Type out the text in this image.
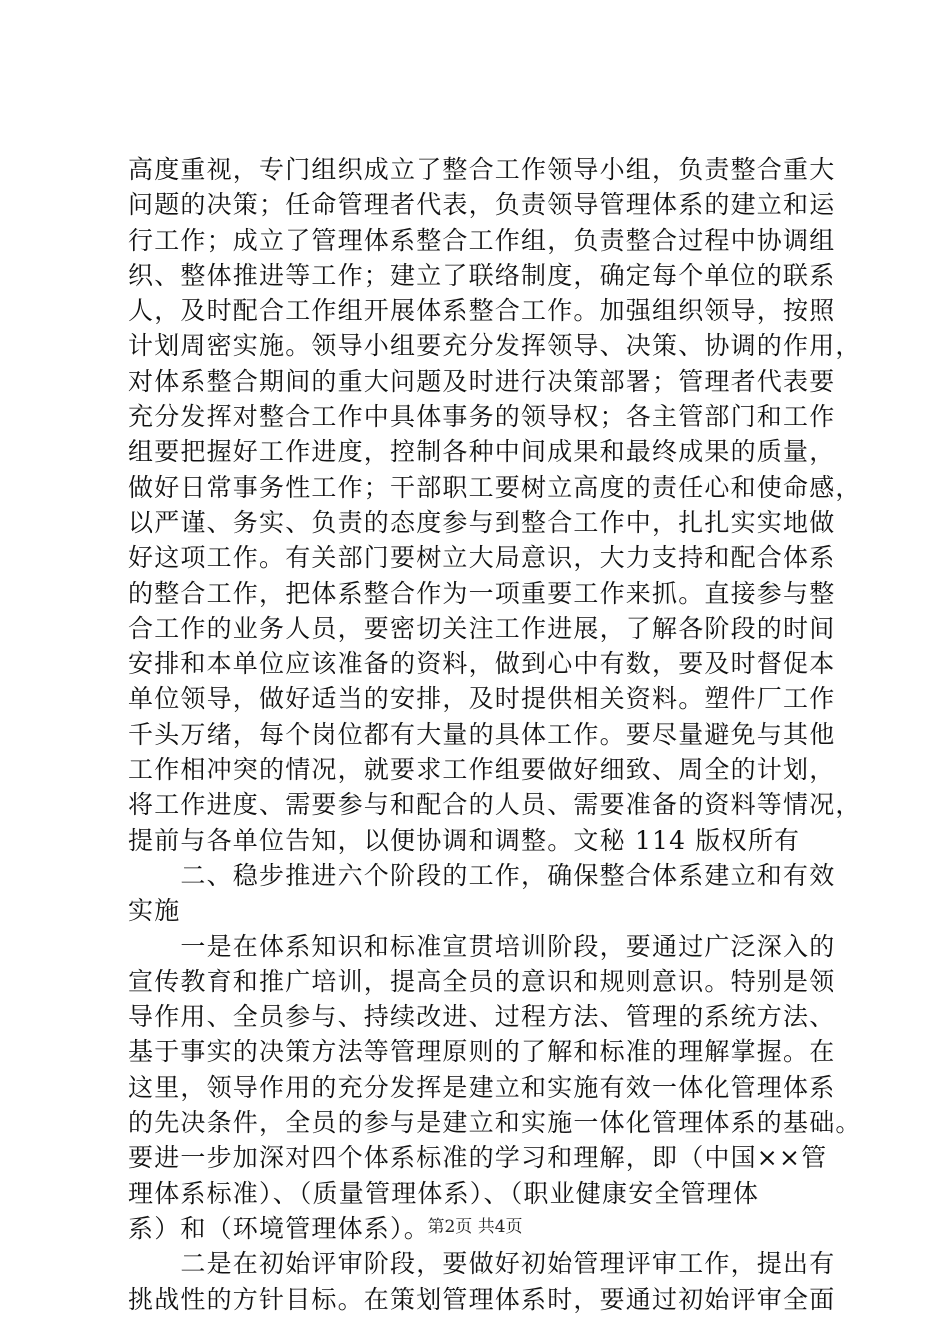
高度重视，专门组织成立了整合工作领导小组，负责整合重大
问题的决策；任命管理者代表，负责领导管理体系的建立和运
行工作；成立了管理体系整合工作组，负责整合过程中协调组
织、整体推进等工作；建立了联络制度，确定每个单位的联系
人，及时配合工作组开展体系整合工作。加强组织领导，按照
计划周密实施。领导小组要充分发挥领导、决策、协调的作用，
对体系整合期间的重大问题及时进行决策部署；管理者代表要
充分发挥对整合工作中具体事务的领导权；各主管部门和工作
组要把握好工作进度，控制各种中间成果和最终成果的质量，
做好日常事务性工作；干部职工要树立高度的责任心和使命感，
以严谨、务实、负责的态度参与到整合工作中，扎扎实实地做
好这项工作。有关部门要树立大局意识，大力支持和配合体系
的整合工作，把体系整合作为一项重要工作来抓。直接参与整
合工作的业务人员，要密切关注工作进展，了解各阶段的时间
安排和本单位应该准备的资料，做到心中有数，要及时督促本
单位领导，做好适当的安排，及时提供相关资料。塑件厂工作
千头万绪，每个岗位都有大量的具体工作。要尽量避免与其他
工作相冲突的情况，就要求工作组要做好细致、周全的计划，
将工作进度、需要参与和配合的人员、需要准备的资料等情况，
提前与各单位告知，以便协调和调整。文秘 114 版权所有
　　二、稳步推进六个阶段的工作，确保整合体系建立和有效
实施
　　一是在体系知识和标准宣贯培训阶段，要通过广泛深入的
宣传教育和推广培训，提高全员的意识和规则意识。特别是领
导作用、全员参与、持续改进、过程方法、管理的系统方法、
基于事实的决策方法等管理原则的了解和标准的理解掌握。在
这里，领导作用的充分发挥是建立和实施有效一体化管理体系
的先决条件，全员的参与是建立和实施一体化管理体系的基础。
要进一步加深对四个体系标准的学习和理解，即（中国××管
理体系标准）、（质量管理体系）、（职业健康安全管理体
系）和（环境管理体系）。
　　二是在初始评审阶段，要做好初始管理评审工作，提出有
挑战性的方针目标。在策划管理体系时，要通过初始评审全面
第2页 共4页
